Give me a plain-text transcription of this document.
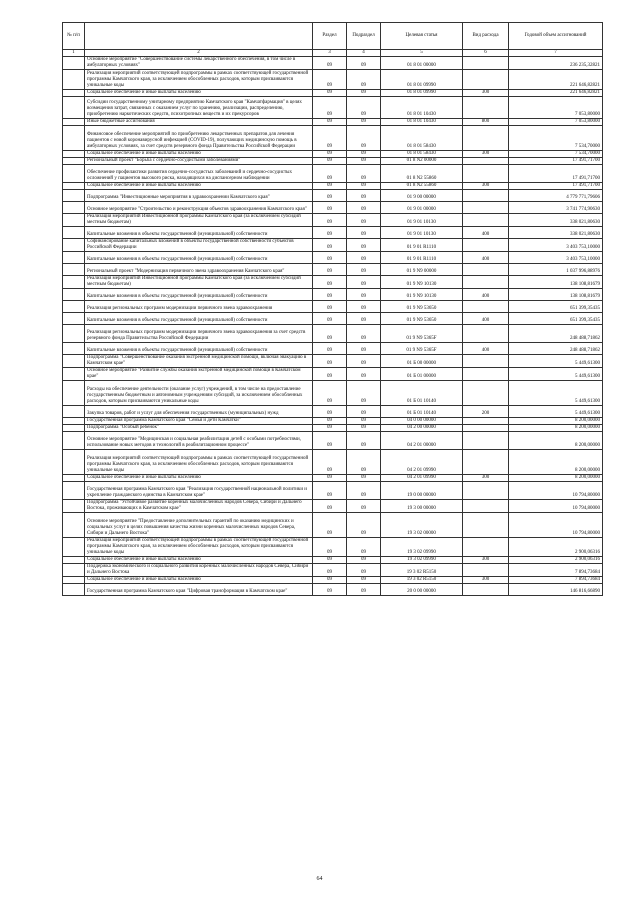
№ п/п		Раздел	Подраздел	Целевая статья	Вид расхода	Годовой объем ассигнований
1	2	3	4	5	6	7
	Основное мероприятие "Совершенствование системы лекарственного обеспечения, в том числе в амбулаторных условиях"	09	09	01 8 01 00000		236 235,32821
	Реализация мероприятий соответствующей подпрограммы в рамках соответствующей государственной программы Камчатского края, за исключением обособленных расходов, которым присваиваются уникальные коды	09	09	01 8 01 09990		221 646,82821
	Социальное обеспечение и иные выплаты населению	09	09	01 8 01 09990	300	221 646,82821
	Субсидии государственному унитарному предприятию Камчатского края "Камчатфармация" в целях возмещения затрат, связанных с оказанием услуг по хранению, реализации, распределению, приобретению наркотических средств, психотропных веществ и их прекурсоров	09	09	01 8 01 10430		7 053,80000
	Иные бюджетные ассигнования	09	09	01 8 01 10430	800	7 053,80000
	Финансовое обеспечение мероприятий по приобретению лекарственных препаратов для лечения пациентов с новой коронавирусной инфекцией (COVID-19), получающих медицинскую помощь в амбулаторных условиях, за счет средств резервного фонда Правительства Российской Федерации	09	09	01 8 01 58430		7 534,70000
	Социальное обеспечение и иные выплаты населению	09	09	01 8 01 58430	300	7 534,70000
	Региональный проект "Борьба с сердечно-сосудистыми заболеваниями"	09	09	01 8 N2 00000		17 491,71700
	Обеспечение профилактики развития сердечно-сосудистых заболеваний и сердечно-сосудистых осложнений у пациентов высокого риска, находящихся на диспансерном наблюдении	09	09	01 8 N2 55860		17 491,71700
	Социальное обеспечение и иные выплаты населению	09	09	01 8 N2 55860	300	17 491,71700
	Подпрограмма "Инвестиционные мероприятия в здравоохранении Камчатского края"	09	09	01 9 00 00000		4 779 771,79606
	Основное мероприятие "Строительство и реконструкция объектов здравоохранения Камчатского края"	09	09	01 9 01 00000		3 741 774,90630
	Реализация мероприятий Инвестиционной программы Камчатского края (за исключением субсидий местным бюджетам)	09	09	01 9 01 10130		338 021,80630
	Капитальные вложения в объекты государственной (муниципальной) собственности	09	09	01 9 01 10130	400	338 021,80630
	Софинансирование капитальных вложений в объекты государственной собственности субъектов Российской Федерации	09	09	01 9 01 R1110		3 403 753,10000
	Капитальные вложения в объекты государственной (муниципальной) собственности	09	09	01 9 01 R1110	400	3 403 753,10000
	Региональный проект "Модернизация первичного звена здравоохранения Камчатского края"	09	09	01 9 N9 00000		1 037 996,88976
	Реализация мероприятий Инвестиционной программы Камчатского края (за исключением субсидий местным бюджетам)	09	09	01 9 N9 10130		138 108,81679
	Капитальные вложения в объекты государственной (муниципальной) собственности	09	09	01 9 N9 10130	400	138 108,81679
	Реализация региональных программ модернизации первичного звена здравоохранения	09	09	01 9 N9 53650		651 399,35435
	Капитальные вложения в объекты государственной (муниципальной) собственности	09	09	01 9 N9 53650	400	651 399,35435
	Реализация региональных программ модернизации первичного звена здравоохранения за счет средств резервного фонда Правительства Российской Федерации	09	09	01 9 N9 5365F		248 488,71862
	Капитальные вложения в объекты государственной (муниципальной) собственности	09	09	01 9 N9 5365F	400	248 488,71862
	Подпрограмма "Совершенствование оказания экстренной медицинской помощи, включая эвакуацию в Камчатском крае"	09	09	01 Б 00 00000		5 449,61300
	Основное мероприятие "Развитие службы оказания экстренной медицинской помощи в Камчатском крае"	09	09	01 Б 01 00000		5 449,61300
	Расходы на обеспечение деятельности (оказание услуг) учреждений, в том числе на предоставление государственным бюджетным и автономным учреждениям субсидий, за исключением обособленных расходов, которым присваиваются уникальные коды	09	09	01 Б 01 10140		5 449,61300
	Закупка товаров, работ и услуг для обеспечения государственных (муниципальных) нужд	09	09	01 Б 01 10140	200	5 449,61300
	Государственная программа Камчатского края "Семья и дети Камчатки"	09	09	04 0 00 00000		8 200,00000
	Подпрограмма "Особый ребенок"	09	09	04 2 00 00000		8 200,00000
	Основное мероприятие "Медицинская и социальная реабилитация детей с особыми потребностями, использование новых методов и технологий в реабилитационном процессе"	09	09	04 2 01 00000		8 200,00000
	Реализация мероприятий соответствующей подпрограммы в рамках соответствующей государственной программы Камчатского края, за исключением обособленных расходов, которым присваиваются уникальные коды	09	09	04 2 01 09990		8 200,00000
	Социальное обеспечение и иные выплаты населению	09	09	04 2 01 09990	300	8 200,00000
	Государственная программа Камчатского края "Реализация государственной национальной политики и укрепление гражданского единства в Камчатском крае"	09	09	19 0 00 00000		10 794,80000
	Подпрограмма "Устойчивое развитие коренных малочисленных народов Севера, Сибири и Дальнего Востока, проживающих в Камчатском крае"	09	09	19 3 00 00000		10 794,80000
	Основное мероприятие "Предоставление дополнительных гарантий по оказанию медицинских и социальных услуг в целях повышения качества жизни коренных малочисленных народов Севера, Сибири и Дальнего Востока"	09	09	19 3 02 00000		10 794,80000
	Реализация мероприятий соответствующей подпрограммы в рамках соответствующей государственной программы Камчатского края, за исключением обособленных расходов, которым присваиваются уникальные коды	09	09	19 3 02 09990		2 900,06316
	Социальное обеспечение и иные выплаты населению	09	09	19 3 02 09990	300	2 900,06316
	Поддержка экономического и социального развития коренных малочисленных народов Севера, Сибири и Дальнего Востока	09	09	19 3 02 R5150		7 894,73684
	Социальное обеспечение и иные выплаты населению	09	09	19 3 02 R5150	300	7 894,73684
	Государственная программа Камчатского края "Цифровая трансформация в Камчатском крае"	09	09	20 0 00 00000		146 816,66890
64
